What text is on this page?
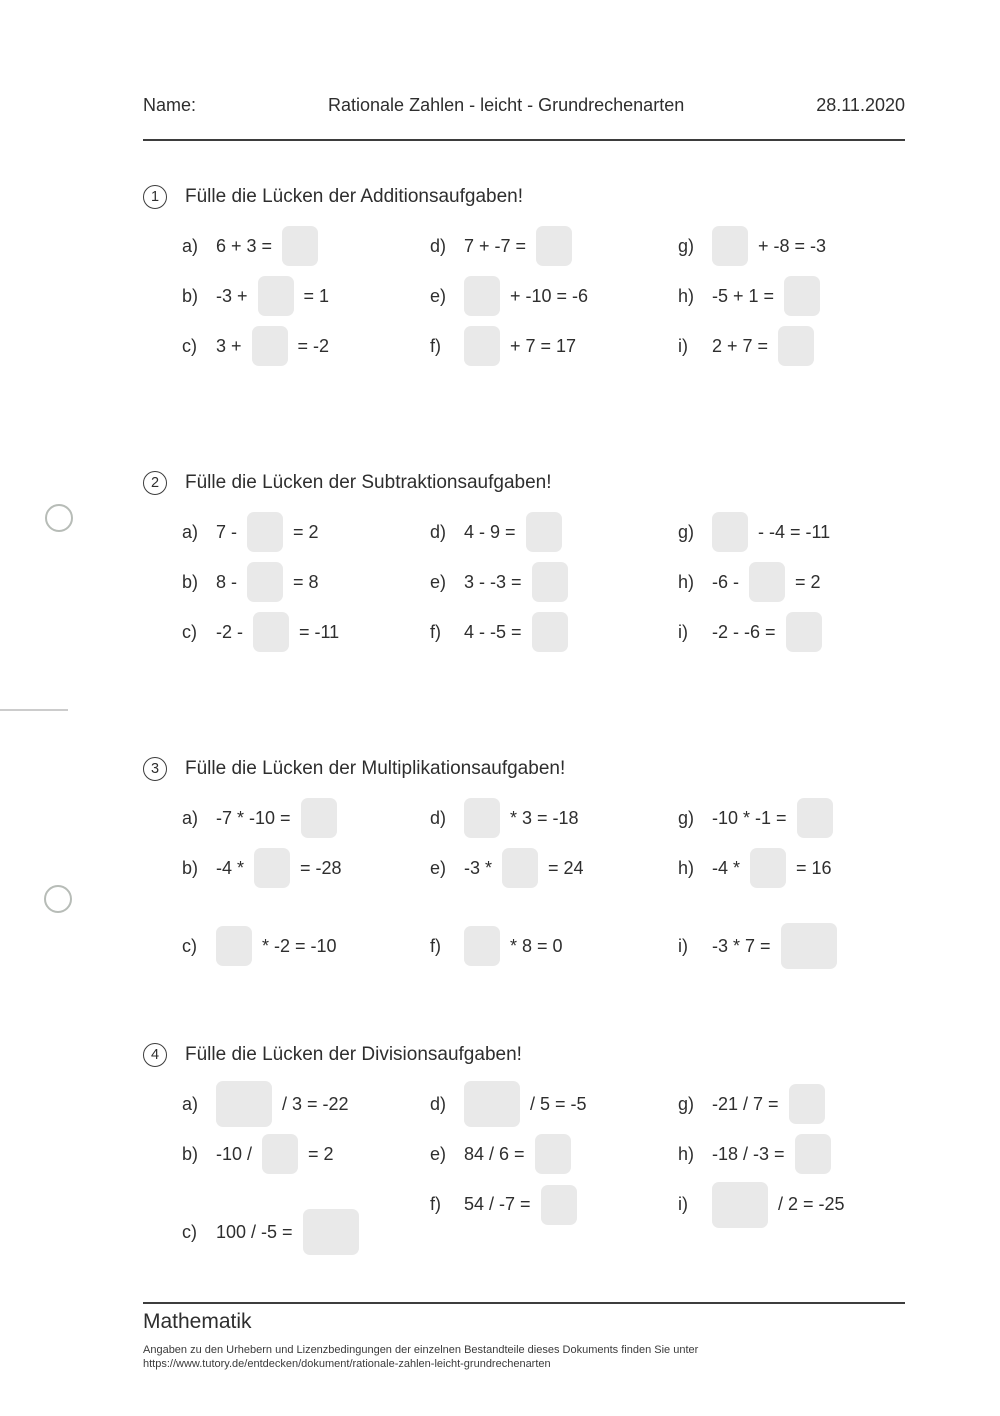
Name:	Rationale Zahlen - leicht - Grundrechenarten	28.11.2020
1	Fülle die Lücken der Additionsaufgaben!
a) 6 + 3 =
b) -3 +	= 1
c)	3 +	= -2
d) 7 + -7 =
e)	+ -10 = -6
f)	+ 7 = 17
g)	+ -8 = -3
h) -5 + 1 =
i)	2 + 7 =
2	Fülle die Lücken der Subtraktionsaufgaben!
a) 7 -	= 2
b) 8 -	= 8
c)	-2 -	= -11
d) 4 - 9 =
e) 3 - -3 =
f)	4 - -5 =
g)	- -4 = -11
h) -6 -	= 2
i)	-2 - -6 =
3	Fülle die Lücken der Multiplikationsaufgaben!
a) -7 * -10 =
b) -4 *	= -28
c)	* -2 = -10
d)	* 3 = -18
e) -3 *	= 24
f)	* 8 = 0
g) -10 * -1 =
h) -4 *	= 16
i)	-3 * 7 =
4	Fülle die Lücken der Divisionsaufgaben!
a)	/ 3 = -22
b) -10 /	= 2
c)	100 / -5 =
d)	/ 5 = -5
e) 84 / 6 =
f)	54 / -7 =
g) -21 / 7 =
h) -18 / -3 =
i)	/ 2 = -25
Mathematik
Angaben zu den Urhebern und Lizenzbedingungen der einzelnen Bestandteile dieses Dokuments finden Sie unter
https://www.tutory.de/entdecken/dokument/rationale-zahlen-leicht-grundrechenarten
